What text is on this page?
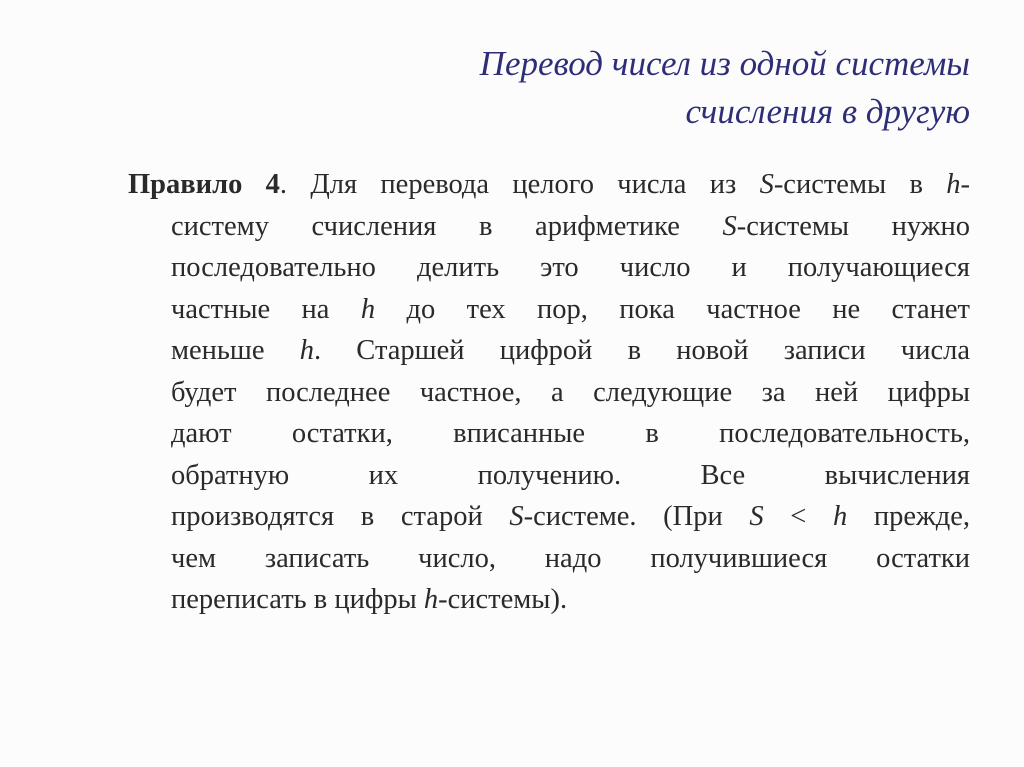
Перевод чисел из одной системы
счисления в другую
Правило 4. Для перевода целого числа из S-системы в h-
систему счисления в арифметике S-системы нужно
последовательно делить это число и получающиеся
частные на h до тех пор, пока частное не станет
меньше h. Старшей цифрой в новой записи числа
будет последнее частное, а следующие за ней цифры
дают остатки, вписанные в последовательность,
обратную их получению. Все вычисления
производятся в старой S-системе. (При S < h прежде,
чем записать число, надо получившиеся остатки
переписать в цифры h-системы).
